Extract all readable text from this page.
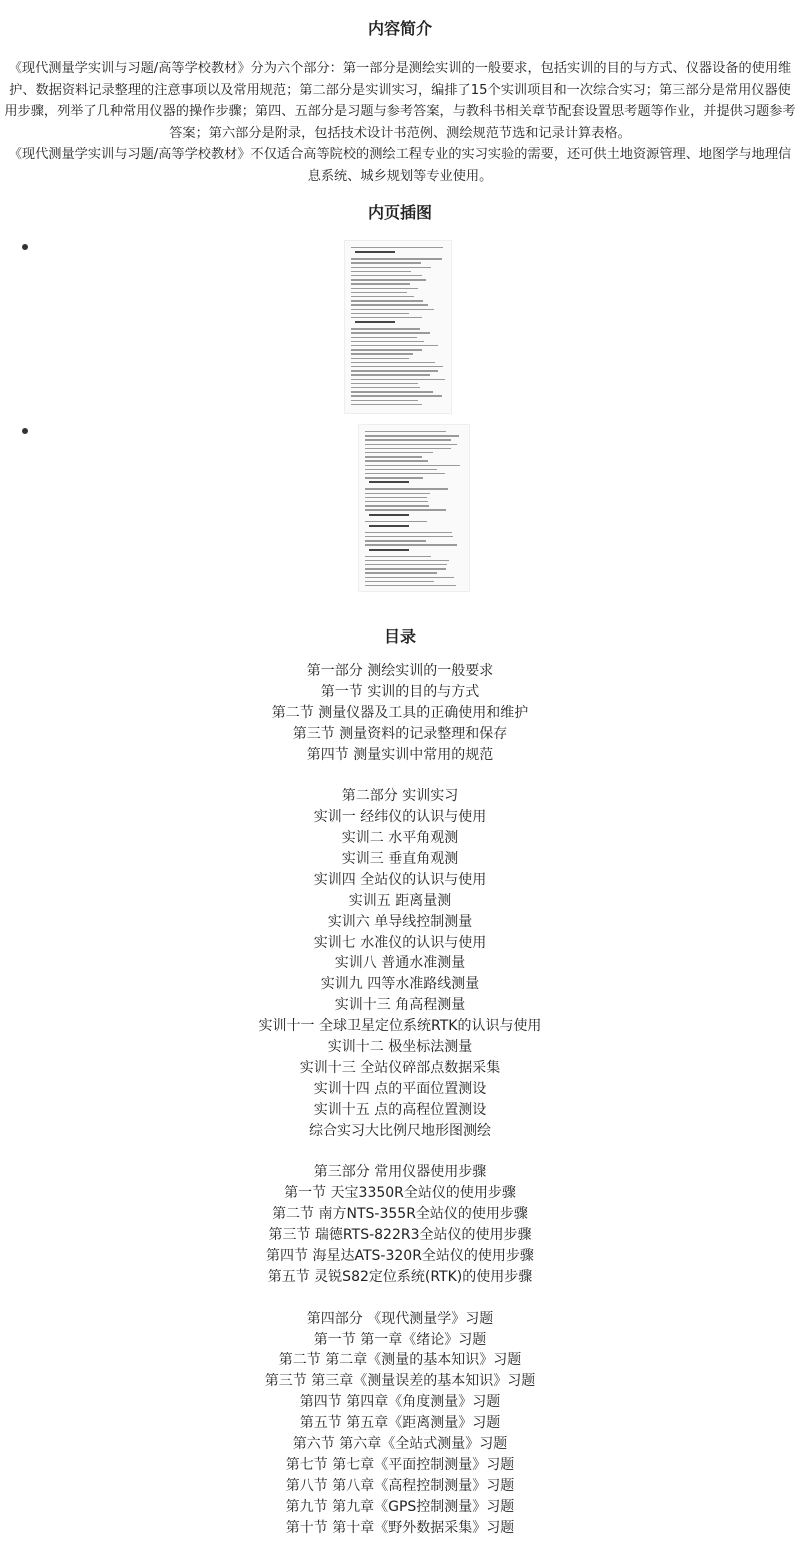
内容简介

《现代测量学实训与习题/高等学校教材》分为六个部分：第一部分是测绘实训的一般要求，包括实训的目的与方式、仪器设备的使用维护、数据资料记录整理的注意事项以及常用规范；第二部分是实训实习，编排了15个实训项目和一次综合实习；第三部分是常用仪器使用步骤，列举了几种常用仪器的操作步骤；第四、五部分是习题与参考答案，与教科书相关章节配套设置思考题等作业，并提供习题参考答案；第六部分是附录，包括技术设计书范例、测绘规范节选和记录计算表格。

《现代测量学实训与习题/高等学校教材》不仅适合高等院校的测绘工程专业的实习实验的需要，还可供土地资源管理、地图学与地理信息系统、城乡规划等专业使用。

内页插图
目录
第一部分 测绘实训的一般要求
第一节 实训的目的与方式
第二节 测量仪器及工具的正确使用和维护
第三节 测量资料的记录整理和保存
第四节 测量实训中常用的规范
第二部分 实训实习
实训一 经纬仪的认识与使用
实训二 水平角观测
实训三 垂直角观测
实训四 全站仪的认识与使用
实训五 距离量测
实训六 单导线控制测量
实训七 水准仪的认识与使用
实训八 普通水准测量
实训九 四等水准路线测量
实训十三 角高程测量
实训十一 全球卫星定位系统RTK的认识与使用
实训十二 极坐标法测量
实训十三 全站仪碎部点数据采集
实训十四 点的平面位置测设
实训十五 点的高程位置测设
综合实习大比例尺地形图测绘
第三部分 常用仪器使用步骤
第一节 天宝3350R全站仪的使用步骤
第二节 南方NTS-355R全站仪的使用步骤
第三节 瑞德RTS-822R3全站仪的使用步骤
第四节 海星达ATS-320R全站仪的使用步骤
第五节 灵锐S82定位系统(RTK)的使用步骤
第四部分 《现代测量学》习题
第一节 第一章《绪论》习题
第二节 第二章《测量的基本知识》习题
第三节 第三章《测量误差的基本知识》习题
第四节 第四章《角度测量》习题
第五节 第五章《距离测量》习题
第六节 第六章《全站式测量》习题
第七节 第七章《平面控制测量》习题
第八节 第八章《高程控制测量》习题
第九节 第九章《GPS控制测量》习题
第十节 第十章《野外数据采集》习题
